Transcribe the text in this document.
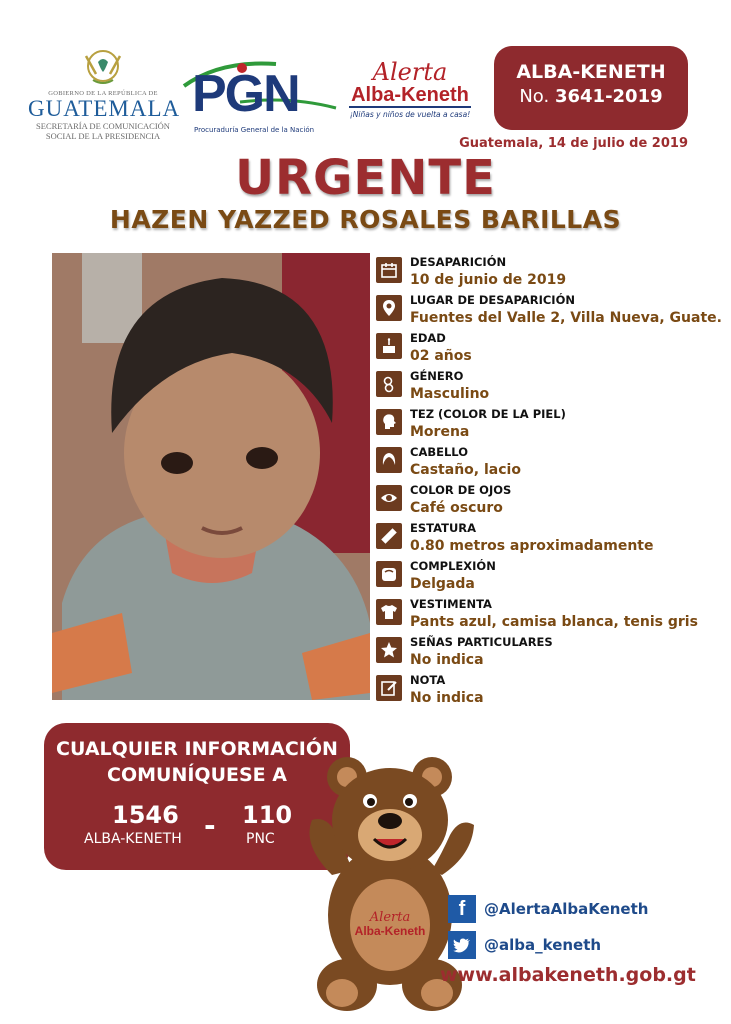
GOBIERNO DE LA REPÚBLICA DE
GUATEMALA
SECRETARÍA DE COMUNICACIÓN
SOCIAL DE LA PRESIDENCIA
PGN
Procuraduría General de la Nación
Alerta
Alba-Keneth
¡Niñas y niños de vuelta a casa!
ALBA-KENETH
No. 3641-2019
Guatemala, 14 de julio de 2019
URGENTE
HAZEN YAZZED ROSALES BARILLAS
DESAPARICIÓN
10 de junio de 2019
LUGAR DE DESAPARICIÓN
Fuentes del Valle 2, Villa Nueva, Guate.
EDAD
02 años
GÉNERO
Masculino
TEZ (COLOR DE LA PIEL)
Morena
CABELLO
Castaño, lacio
COLOR DE OJOS
Café oscuro
ESTATURA
0.80 metros aproximadamente
COMPLEXIÓN
Delgada
VESTIMENTA
Pants azul, camisa blanca, tenis gris
SEÑAS PARTICULARES
No indica
NOTA
No indica
CUALQUIER INFORMACIÓN
COMUNÍQUESE A
1546
ALBA-KENETH - 110
PNC
Alerta
Alba-Keneth
f	@AlertaAlbaKeneth
@alba_keneth
www.albakeneth.gob.gt
